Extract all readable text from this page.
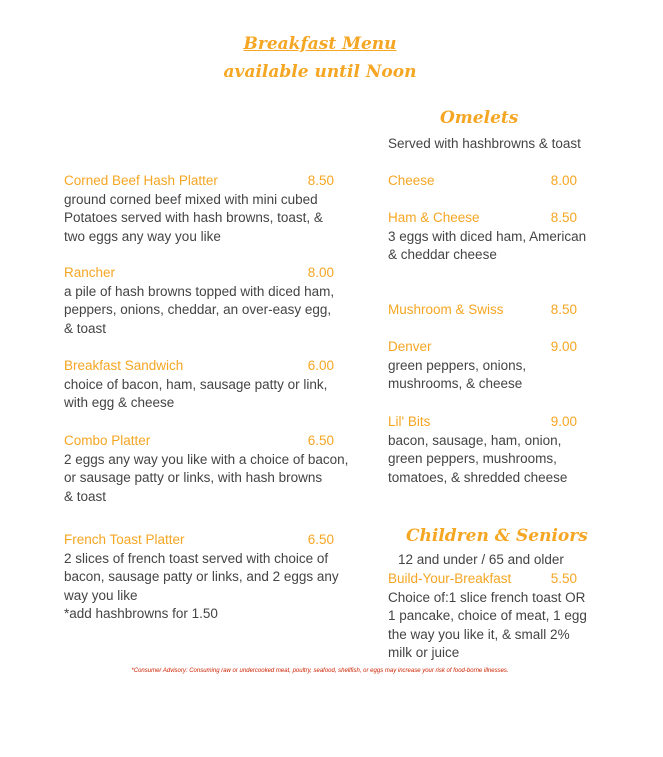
Breakfast Menu
available until Noon
Corned Beef Hash Platter	8.50
ground corned beef mixed with mini cubed
Potatoes served with hash browns, toast, &
two eggs any way you like
Rancher	8.00
a pile of hash browns topped with diced ham,
peppers, onions, cheddar, an over-easy egg,
& toast
Breakfast Sandwich	6.00
choice of bacon, ham, sausage patty or link,
with egg & cheese
Combo Platter	6.50
2 eggs any way you like with a choice of bacon,
or sausage patty or links, with hash browns
& toast
French Toast Platter	6.50
2 slices of french toast served with choice of
bacon, sausage patty or links, and 2 eggs any
way you like
*add hashbrowns for 1.50
Omelets
Served with hashbrowns & toast
Cheese	8.00
Ham & Cheese	8.50
3 eggs with diced ham, American
& cheddar cheese
Mushroom & Swiss	8.50
Denver	9.00
green peppers, onions,
mushrooms, & cheese
Lil' Bits	9.00
bacon, sausage, ham, onion,
green peppers, mushrooms,
tomatoes, & shredded cheese
Children & Seniors
12 and under / 65 and older
Build-Your-Breakfast	5.50
Choice of:1 slice french toast OR
1 pancake, choice of meat, 1 egg
the way you like it, & small 2%
milk or juice
*Consumer Advisory: Consuming raw or undercooked meat, poultry, seafood, shellfish, or eggs may increase your risk of food-borne illnesses.
